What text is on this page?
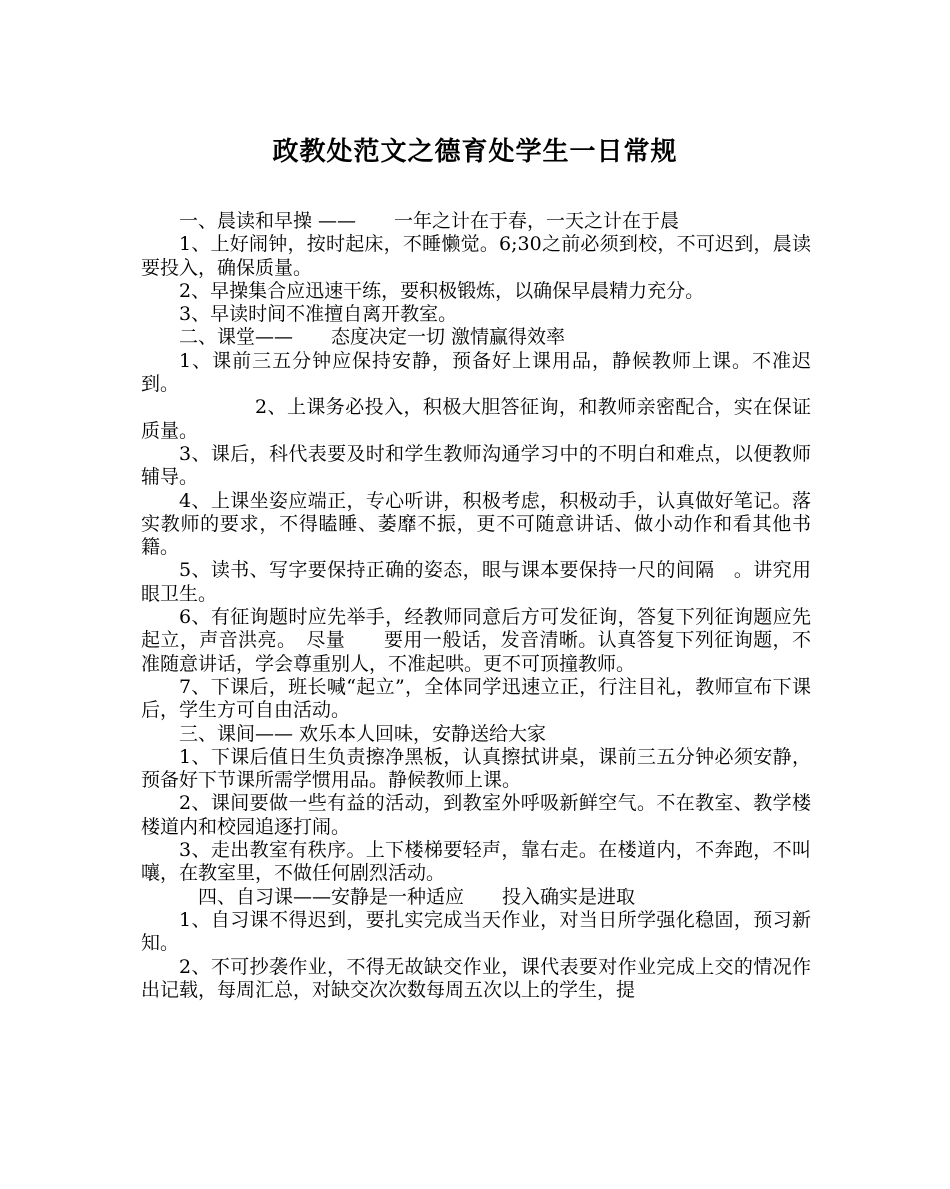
政教处范文之德育处学生一日常规

一、晨读和早操 ——　　一年之计在于春，一天之计在于晨

1、上好闹钟，按时起床，不睡懒觉。6;30之前必须到校，不可迟到，晨读要投入，确保质量。

2、早操集合应迅速干练，要积极锻炼，以确保早晨精力充分。

3、早读时间不准擅自离开教室。

二、课堂——　　态度决定一切 激情赢得效率

1、课前三五分钟应保持安静，预备好上课用品，静候教师上课。不准迟到。

2、上课务必投入，积极大胆答征询，和教师亲密配合，实在保证质量。

3、课后，科代表要及时和学生教师沟通学习中的不明白和难点，以便教师辅导。

4、上课坐姿应端正，专心听讲，积极考虑，积极动手，认真做好笔记。落实教师的要求，不得瞌睡、萎靡不振，更不可随意讲话、做小动作和看其他书籍。

5、读书、写字要保持正确的姿态，眼与课本要保持一尺的间隔　。讲究用眼卫生。

6、有征询题时应先举手，经教师同意后方可发征询，答复下列征询题应先起立，声音洪亮。　尽量　　要用一般话，发音清晰。认真答复下列征询题，不准随意讲话，学会尊重别人，不准起哄。更不可顶撞教师。

7、下课后，班长喊“起立”，全体同学迅速立正，行注目礼，教师宣布下课后，学生方可自由活动。

三、课间—— 欢乐本人回味，安静送给大家

1、下课后值日生负责擦净黑板，认真擦拭讲桌，课前三五分钟必须安静，预备好下节课所需学惯用品。静候教师上课。

2、课间要做一些有益的活动，到教室外呼吸新鲜空气。不在教室、教学楼楼道内和校园追逐打闹。

3、走出教室有秩序。上下楼梯要轻声，靠右走。在楼道内，不奔跑，不叫嚷，在教室里，不做任何剧烈活动。

四、自习课——安静是一种适应　　投入确实是进取

1、自习课不得迟到，要扎实完成当天作业，对当日所学强化稳固，预习新知。

2、不可抄袭作业，不得无故缺交作业，课代表要对作业完成上交的情况作出记载，每周汇总，对缺交次次数每周五次以上的学生，提
